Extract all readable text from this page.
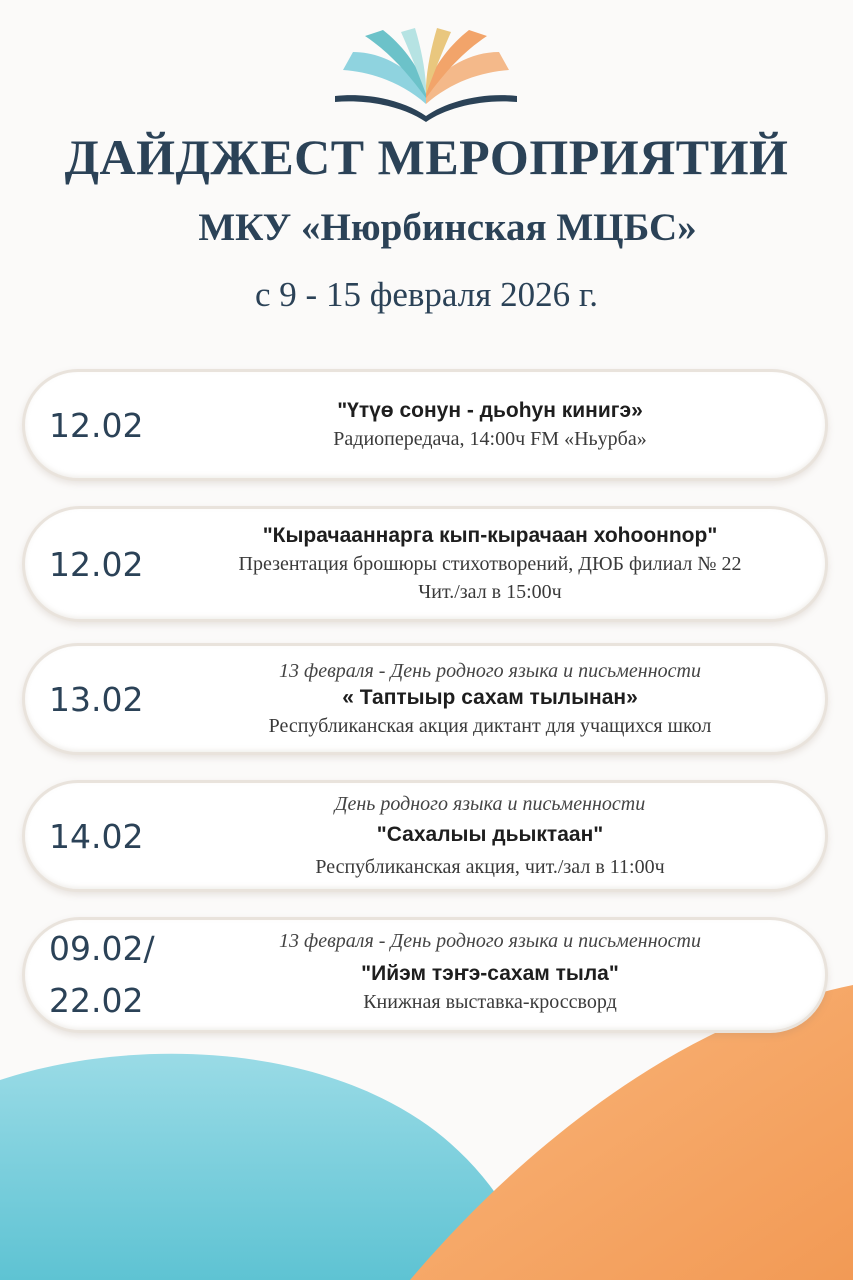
ДАЙДЖЕСТ МЕРОПРИЯТИЙ
МКУ «Нюрбинская МЦБС»
с 9 - 15 февраля 2026 г.
12.02	"Үтүө сонун - дьоһун кинигэ»
Радиопередача, 14:00ч FM «Ньурба»
12.02
"Кырачааннарга кып-кырачаан хоһоонnор"
Презентация брошюры стихотворений, ДЮБ филиал № 22
Чит./зал в 15:00ч
13.02
13 февраля - День родного языка и письменности
« Таптыыр сахам тылынан»
Республиканская акция диктант для учащихся школ
14.02
День родного языка и письменности
"Сахалыы дьыктаан"
Республиканская акция, чит./зал в 11:00ч
09.02/
22.02
13 февраля - День родного языка и письменности
"Ийэм тэҥэ-сахам тыла"
Книжная выставка-кроссворд
